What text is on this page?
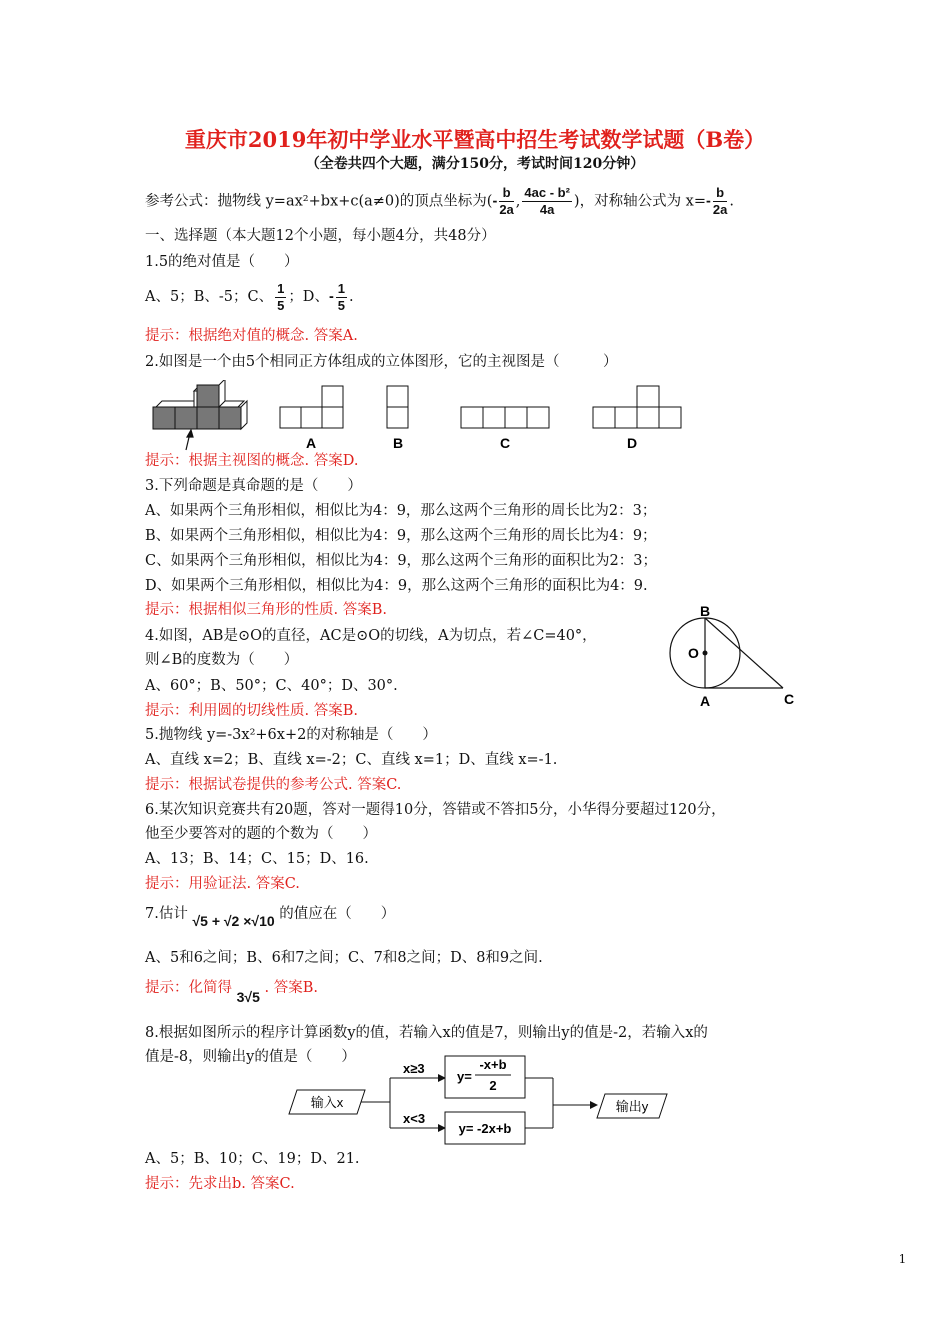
重庆市2019年初中学业水平暨高中招生考试数学试题（B卷）
（全卷共四个大题，满分150分，考试时间120分钟）
参考公式：抛物线 y=ax²+bx+c(a≠0)的顶点坐标为(- $\frac{b}{2a}$ , $\frac{\text{4ac - b²}}{4a}$ )，对称轴公式为 $x=- \frac{b}{2a}$ .
一、选择题（本大题12个小题，每小题4分，共48分）
1.5的绝对值是（　　）
A、5；B、-5；C、 $\frac{1}{5}$ ；D、- $\frac{1}{5}$ .
提示：根据绝对值的概念. 答案A.
2.如图是一个由5个相同正方体组成的立体图形，它的主视图是（　　　）
A	B	C	D
提示：根据主视图的概念. 答案D.
3.下列命题是真命题的是（　　）
A、如果两个三角形相似，相似比为4：9，那么这两个三角形的周长比为2：3；
B、如果两个三角形相似，相似比为4：9，那么这两个三角形的周长比为4：9；
C、如果两个三角形相似，相似比为4：9，那么这两个三角形的面积比为2：3；
D、如果两个三角形相似，相似比为4：9，那么这两个三角形的面积比为4：9.
提示：根据相似三角形的性质. 答案B.
4.如图，AB是⊙O的直径，AC是⊙O的切线，A为切点，若∠C=40°，
则∠B的度数为（　　）
A、60°；B、50°；C、40°；D、30°.
提示：利用圆的切线性质. 答案B.
B
O
A	C
5.抛物线 y=-3x²+6x+2的对称轴是（　　）
A、直线 x=2；B、直线 x=-2；C、直线 x=1；D、直线 x=-1.
提示：根据试卷提供的参考公式. 答案C.
6.某次知识竞赛共有20题，答对一题得10分，答错或不答扣5分，小华得分要超过120分，
他至少要答对的题的个数为（　　）
A、13；B、14；C、15；D、16.
提示：用验证法. 答案C.
7.估计 √5 + √2 ×√10 的值应在（　　）
A、5和6之间；B、6和7之间；C、7和8之间；D、8和9之间.
提示：化简得 3√5 . 答案B.
8.根据如图所示的程序计算函数y的值，若输入x的值是7，则输出y的值是-2，若输入x的
值是-8，则输出y的值是（　　）
输入x
x≥3
x<3
y=
-x+b
2
y= -2x+b
输出y
A、5；B、10；C、19；D、21.
提示：先求出b. 答案C.
1
